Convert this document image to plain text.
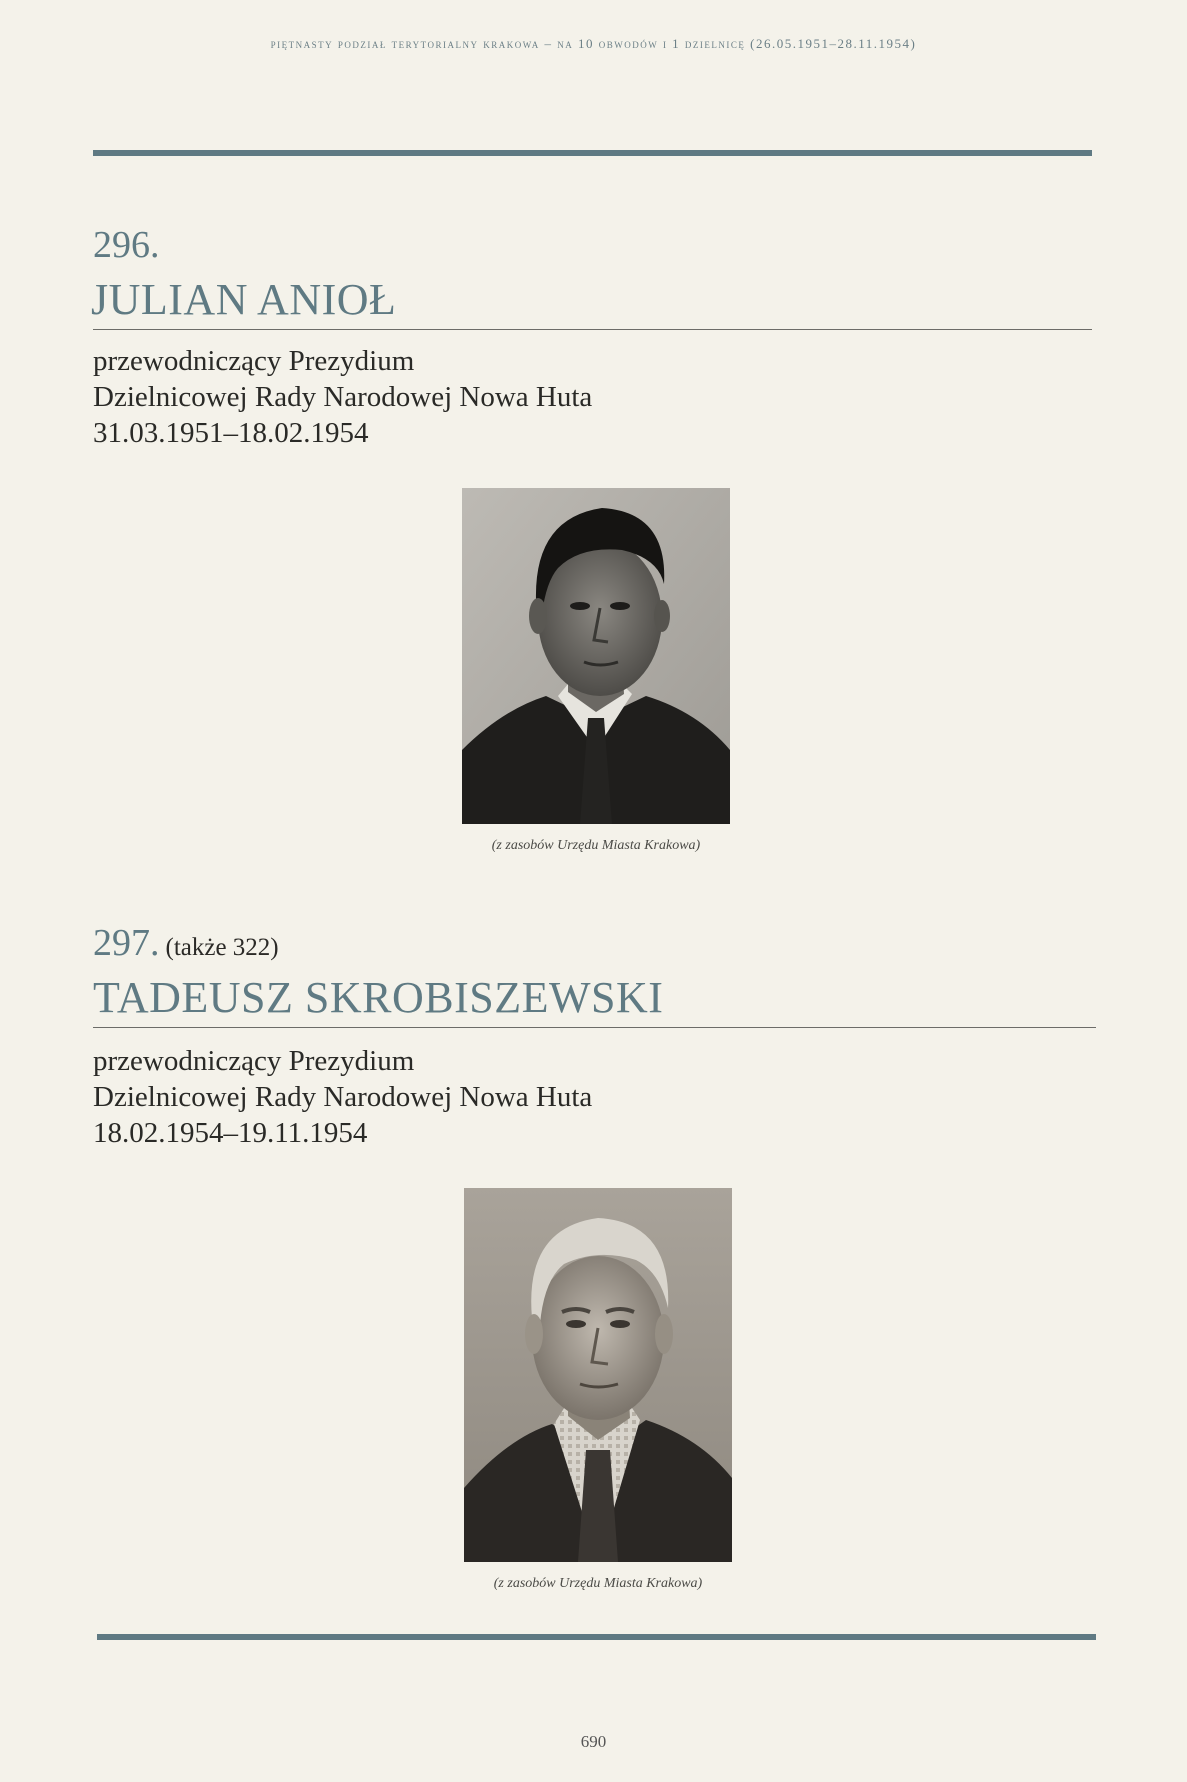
piętnasty podział terytorialny krakowa – na 10 obwodów i 1 dzielnicę (26.05.1951–28.11.1954)
296.
JULIAN ANIOŁ
przewodniczący Prezydium
Dzielnicowej Rady Narodowej Nowa Huta
31.03.1951–18.02.1954
(z zasobów Urzędu Miasta Krakowa)
297. (także 322)
TADEUSZ SKROBISZEWSKI
przewodniczący Prezydium
Dzielnicowej Rady Narodowej Nowa Huta
18.02.1954–19.11.1954
(z zasobów Urzędu Miasta Krakowa)
690
